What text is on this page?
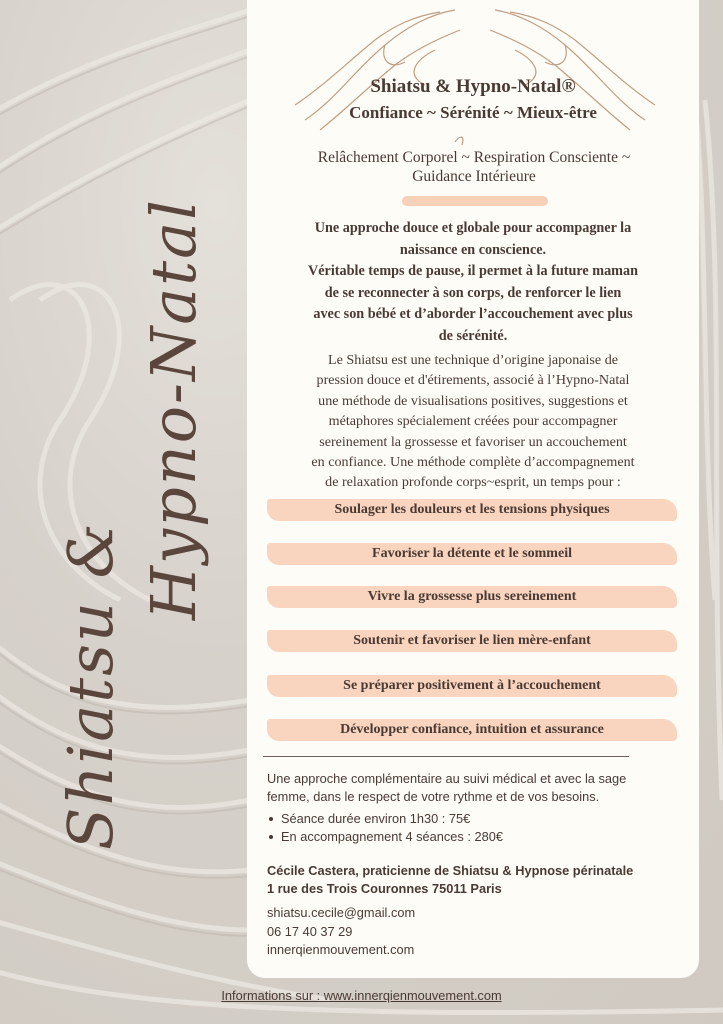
Shiatsu &
Hypno-Natal
Shiatsu & Hypno-Natal®
Confiance ~ Sérénité ~ Mieux-être
Relâchement Corporel ~ Respiration Consciente ~
Guidance Intérieure
Une approche douce et globale pour accompagner la
naissance en conscience.
Véritable temps de pause, il permet à la future maman
de se reconnecter à son corps, de renforcer le lien
avec son bébé et d’aborder l’accouchement avec plus
de sérénité.
Le Shiatsu est une technique d’origine japonaise de
pression douce et d'étirements, associé à l’Hypno-Natal
une méthode de visualisations positives, suggestions et
métaphores spécialement créées pour accompagner
sereinement la grossesse et favoriser un accouchement
en confiance. Une méthode complète d’accompagnement
de relaxation profonde corps~esprit, un temps pour :
Soulager les douleurs et les tensions physiques
Favoriser la détente et le sommeil
Vivre la grossesse plus sereinement
Soutenir et favoriser le lien mère-enfant
Se préparer positivement à l’accouchement
Développer confiance, intuition et assurance
Une approche complémentaire au suivi médical et avec la sage
femme, dans le respect de votre rythme et de vos besoins.
Séance durée environ 1h30 : 75€
En accompagnement 4 séances : 280€
Cécile Castera, praticienne de Shiatsu & Hypnose périnatale
1 rue des Trois Couronnes 75011 Paris
shiatsu.cecile@gmail.com
06 17 40 37 29
innerqienmouvement.com
Informations sur : www.innerqienmouvement.com
